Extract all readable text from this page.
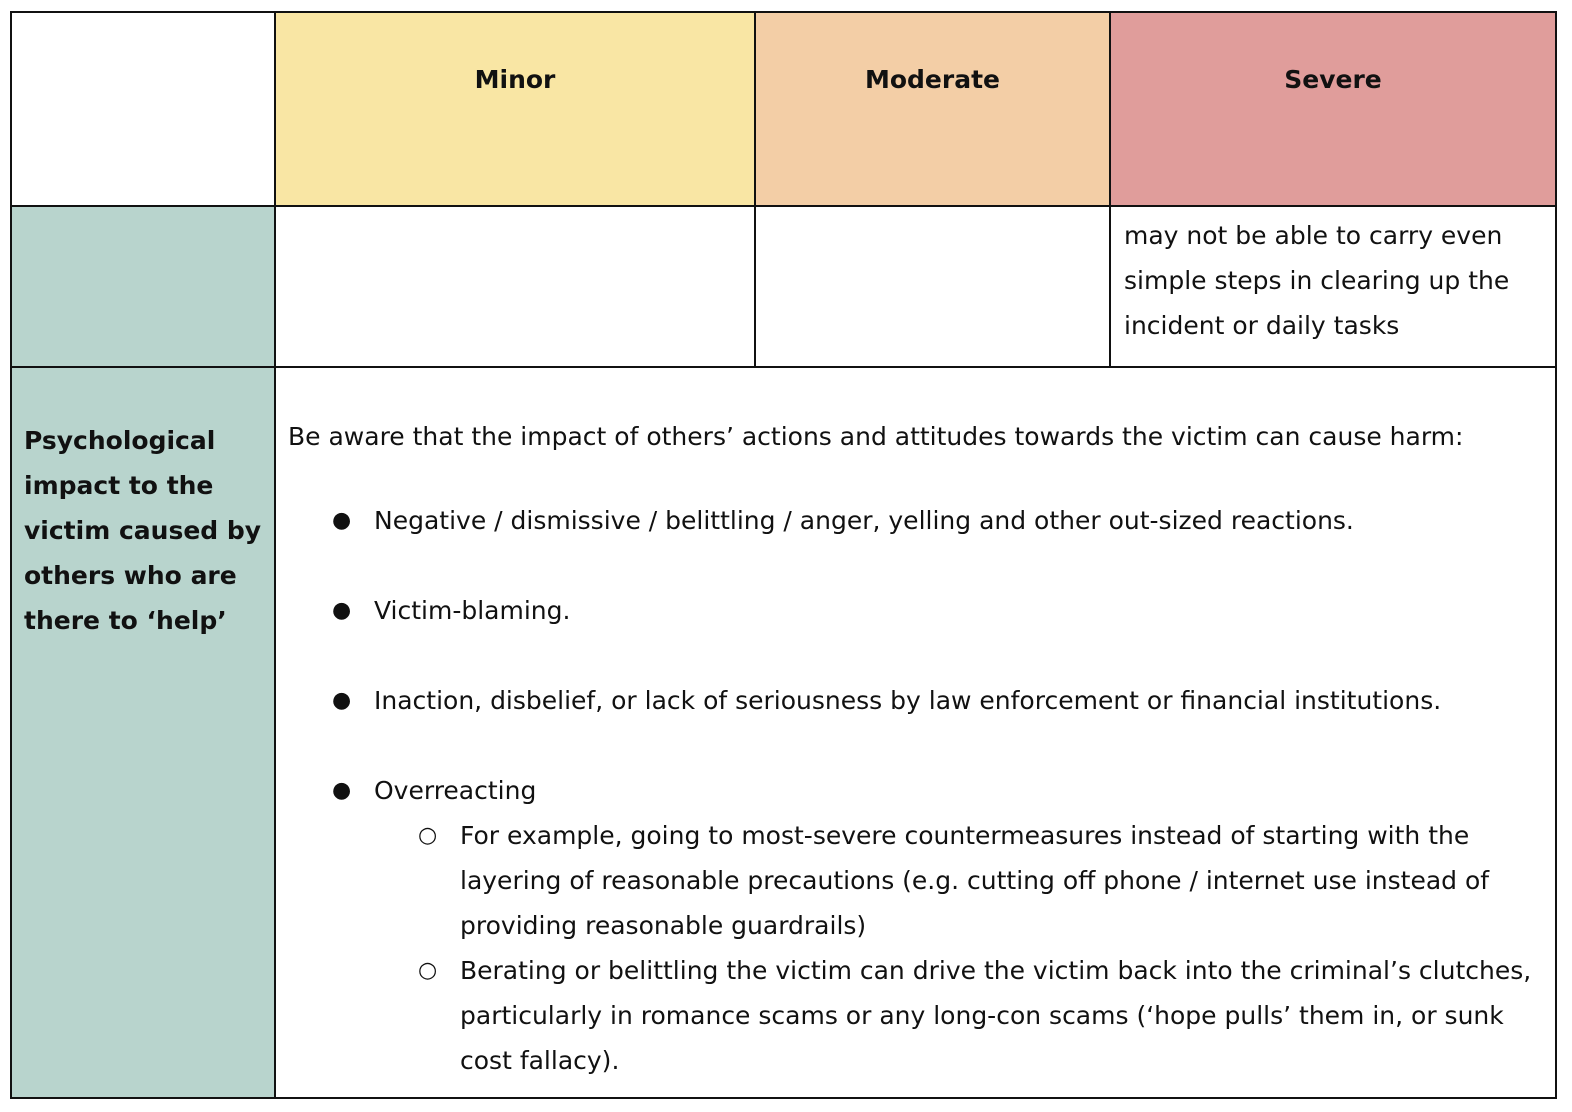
Minor	Moderate	Severe
may not be able to carry even simple steps in clearing up the incident or daily tasks
Psychological impact to the victim caused by others who are there to ‘help’
Be aware that the impact of others’ actions and attitudes towards the victim can cause harm:
● Negative / dismissive / belittling / anger, yelling and other out-sized reactions.
● Victim-blaming.
● Inaction, disbelief, or lack of seriousness by law enforcement or financial institutions.
● Overreacting
○ For example, going to most-severe countermeasures instead of starting with the layering of reasonable precautions (e.g. cutting off phone / internet use instead of providing reasonable guardrails)
○ Berating or belittling the victim can drive the victim back into the criminal’s clutches, particularly in romance scams or any long-con scams (‘hope pulls’ them in, or sunk cost fallacy).
